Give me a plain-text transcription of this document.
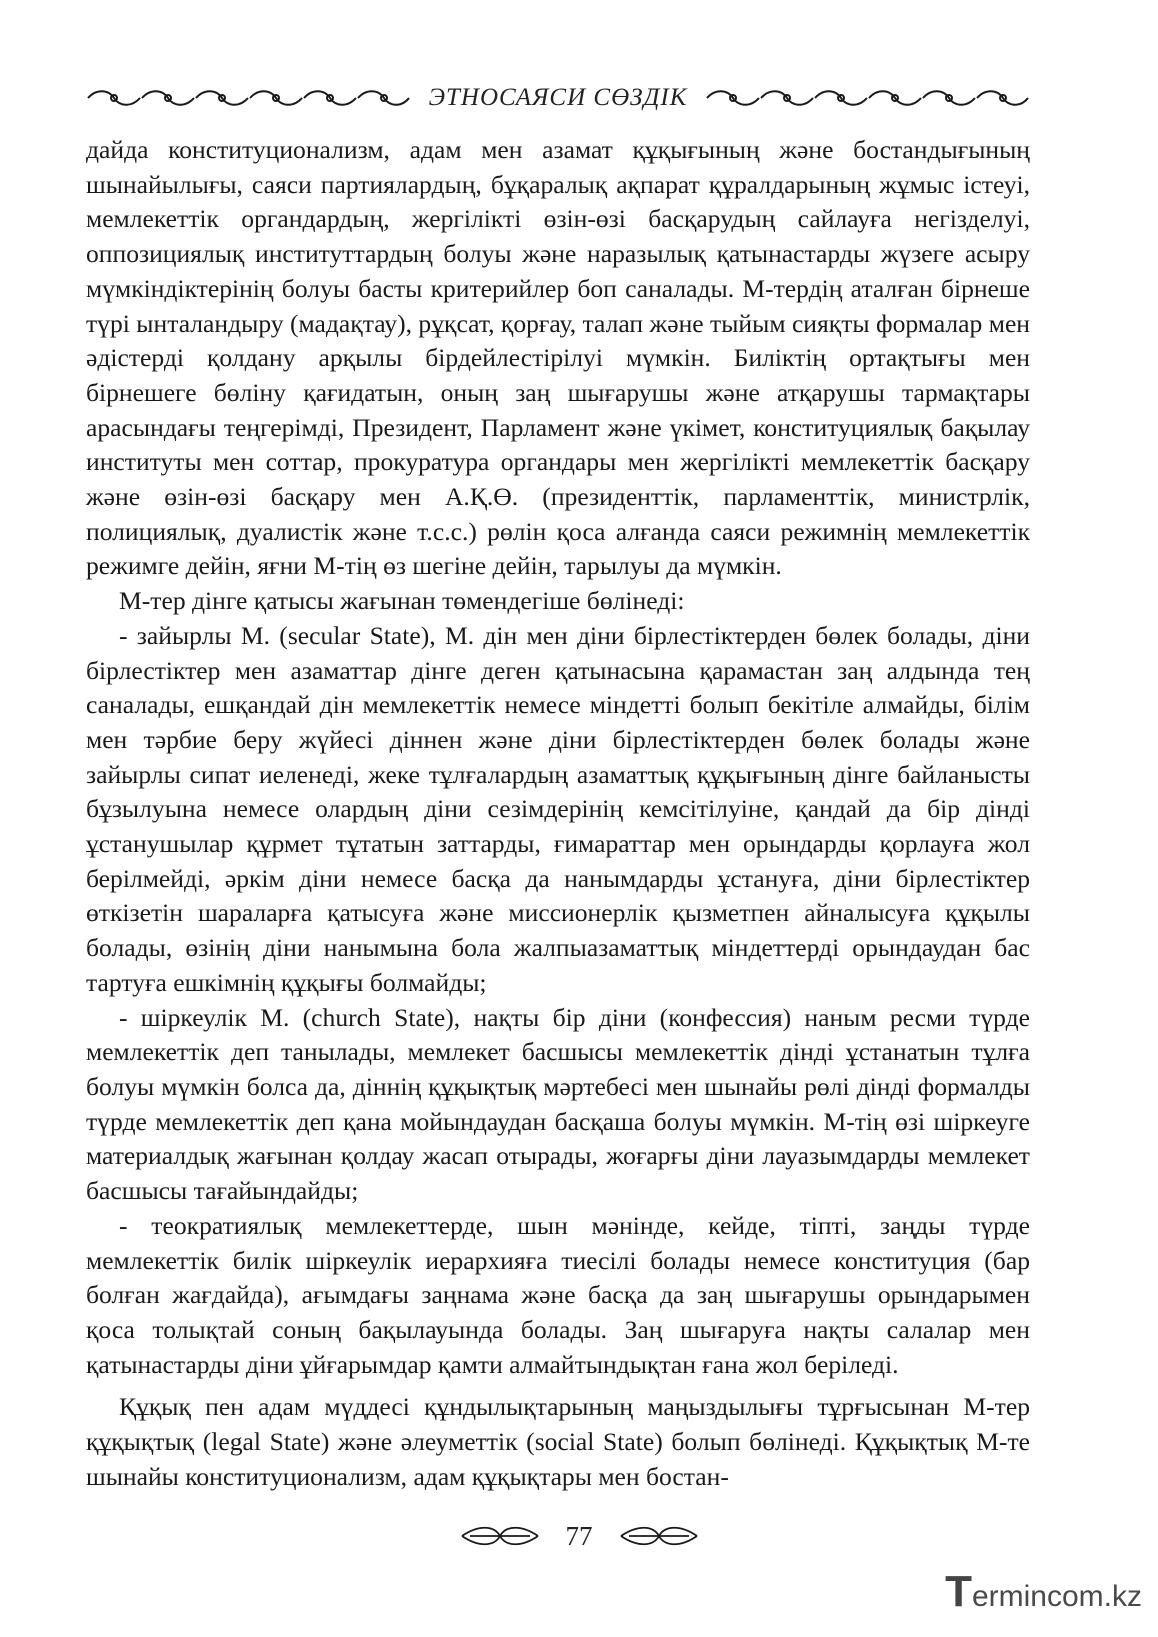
ЭТНОСАЯСИ СӨЗДІК

дайда конституционализм, адам мен азамат құқығының және бостандығының шынайылығы, саяси партиялардың, бұқаралық ақпарат құралдарының жұмыс істеуі, мемлекеттік органдардың, жергілікті өзін-өзі басқарудың сайлауға негізделуі, оппозициялық институттардың болуы және наразылық қатынастарды жүзеге асыру мүмкіндіктерінің болуы басты критерийлер боп саналады. М-тердің аталған бірнеше түрі ынталандыру (мадақтау), рұқсат, қорғау, талап және тыйым сияқты формалар мен әдістерді қолдану арқылы бірдейлестірілуі мүмкін. Биліктің ортақтығы мен бірнешеге бөліну қағидатын, оның заң шығарушы және атқарушы тармақтары арасындағы теңгерімді, Президент, Парламент және үкімет, конституциялық бақылау институты мен соттар, прокуратура органдары мен жергілікті мемлекеттік басқару және өзін-өзі басқару мен А.Қ.Ө. (президенттік, парламенттік, министрлік, полициялық, дуалистік және т.с.с.) рөлін қоса алғанда саяси режимнің мемлекеттік режимге дейін, яғни М-тің өз шегіне дейін, тарылуы да мүмкін.

М-тер дінге қатысы жағынан төмендегіше бөлінеді:

- зайырлы М. (secular State), М. дін мен діни бірлестіктерден бөлек болады, діни бірлестіктер мен азаматтар дінге деген қатынасына қарамастан заң алдында тең саналады, ешқандай дін мемлекеттік немесе міндетті болып бекітіле алмайды, білім мен тәрбие беру жүйесі діннен және діни бірлестіктерден бөлек болады және зайырлы сипат иеленеді, жеке тұлғалардың азаматтық құқығының дінге байланысты бұзылуына немесе олардың діни сезімдерінің кемсітілуіне, қандай да бір дінді ұстанушылар құрмет тұтатын заттарды, ғимараттар мен орындарды қорлауға жол берілмейді, әркім діни немесе басқа да нанымдарды ұстануға, діни бірлестіктер өткізетін шараларға қатысуға және миссионерлік қызметпен айналысуға құқылы болады, өзінің діни нанымына бола жалпыазаматтық міндеттерді орындаудан бас тартуға ешкімнің құқығы болмайды;

- шіркеулік М. (church State), нақты бір діни (конфессия) наным ресми түрде мемлекеттік деп танылады, мемлекет басшысы мемлекеттік дінді ұстанатын тұлға болуы мүмкін болса да, діннің құқықтық мәртебесі мен шынайы рөлі дінді формалды түрде мемлекеттік деп қана мойындаудан басқаша болуы мүмкін. М-тің өзі шіркеуге материалдық жағынан қолдау жасап отырады, жоғарғы діни лауазымдарды мемлекет басшысы тағайындайды;

- теократиялық мемлекеттерде, шын мәнінде, кейде, тіпті, заңды түрде мемлекеттік билік шіркеулік иерархияға тиесілі болады немесе конституция (бар болған жағдайда), ағымдағы заңнама және басқа да заң шығарушы орындарымен қоса толықтай соның бақылауында болады. Заң шығаруға нақты салалар мен қатынастарды діни ұйғарымдар қамти алмайтындықтан ғана жол беріледі.

Құқық пен адам мүддесі құндылықтарының маңыздылығы тұрғысынан М-тер құқықтық (legal State) және әлеуметтік (social State) болып бөлінеді. Құқықтық М-те шынайы конституционализм, адам құқықтары мен бостан-

77
T erminc o m.kz
